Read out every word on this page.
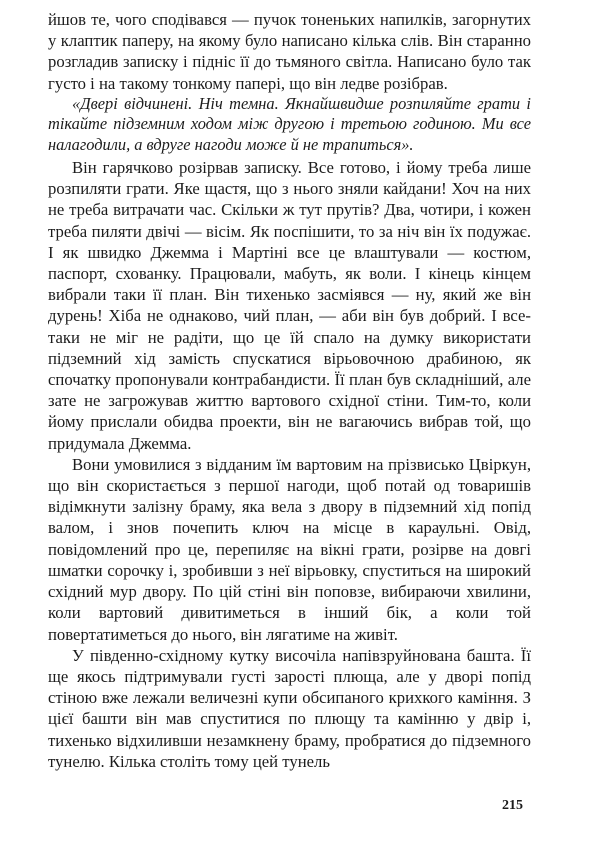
йшов те, чого сподівався — пучок тоненьких напилків, загорнутих у клаптик паперу, на якому було написано кілька слів. Він старанно розгладив записку і підніс її до тьмяного світла. Написано було так густо і на такому тонкому папері, що він ледве розібрав.

«Двері відчинені. Ніч темна. Якнайшвидше розпиляйте грати і тікайте підземним ходом між другою і третьою годиною. Ми все налагодили, а вдруге нагоди може й не трапиться».

Він гарячково розірвав записку. Все готово, і йому треба лише розпиляти грати. Яке щастя, що з нього зняли кайдани! Хоч на них не треба витрачати час. Скільки ж тут прутів? Два, чотири, і кожен треба пиляти двічі — вісім. Як поспішити, то за ніч він їх подужає. І як швидко Джемма і Мартіні все це влаштували — костюм, паспорт, схованку. Працювали, мабуть, як воли. І кінець кінцем вибрали таки її план. Він тихенько засміявся — ну, який же він дурень! Хіба не однаково, чий план, — аби він був добрий. І все-таки не міг не радіти, що це їй спало на думку використати підземний хід замість спускатися вірьовочною драбиною, як спочатку пропонували контрабандисти. Її план був складніший, але зате не загрожував життю вартового східної стіни. Тим-то, коли йому прислали обидва проекти, він не вагаючись вибрав той, що придумала Джемма.

Вони умовилися з відданим їм вартовим на прізвисько Цвіркун, що він скористається з першої нагоди, щоб потай од товаришів відімкнути залізну браму, яка вела з двору в підземний хід попід валом, і знов почепить ключ на місце в караульні. Овід, повідомлений про це, перепиляє на вікні грати, розірве на довгі шматки сорочку і, зробивши з неї вірьовку, спуститься на широкий східний мур двору. По цій стіні він поповзе, вибираючи хвилини, коли вартовий дивитиметься в інший бік, а коли той повертатиметься до нього, він лягатиме на живіт.

У південно-східному кутку височіла напівзруйнована башта. Її ще якось підтримували густі зарості плюща, але у дворі попід стіною вже лежали величезні купи обсипаного крихкого каміння. З цієї башти він мав спуститися по плющу та камінню у двір і, тихенько відхиливши незамкнену браму, пробратися до підземного тунелю. Кілька століть тому цей тунель

215
